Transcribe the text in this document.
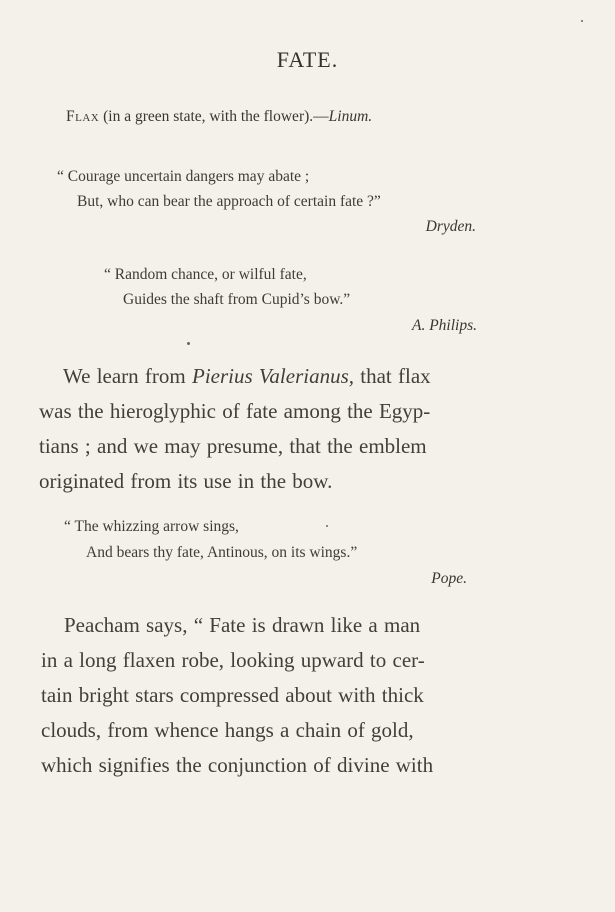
FATE.
Flax (in a green state, with the flower).—Linum.
“ Courage uncertain dangers may abate ;
But, who can bear the approach of certain fate ?”
Dryden.
“ Random chance, or wilful fate,
Guides the shaft from Cupid’s bow.”
A. Philips.
We learn from Pierius Valerianus, that flax
was the hieroglyphic of fate among the Egyp-
tians ; and we may presume, that the emblem
originated from its use in the bow.
“ The whizzing arrow sings,
And bears thy fate, Antinous, on its wings.”
Pope.
Peacham says, “ Fate is drawn like a man
in a long flaxen robe, looking upward to cer-
tain bright stars compressed about with thick
clouds, from whence hangs a chain of gold,
which signifies the conjunction of divine with
